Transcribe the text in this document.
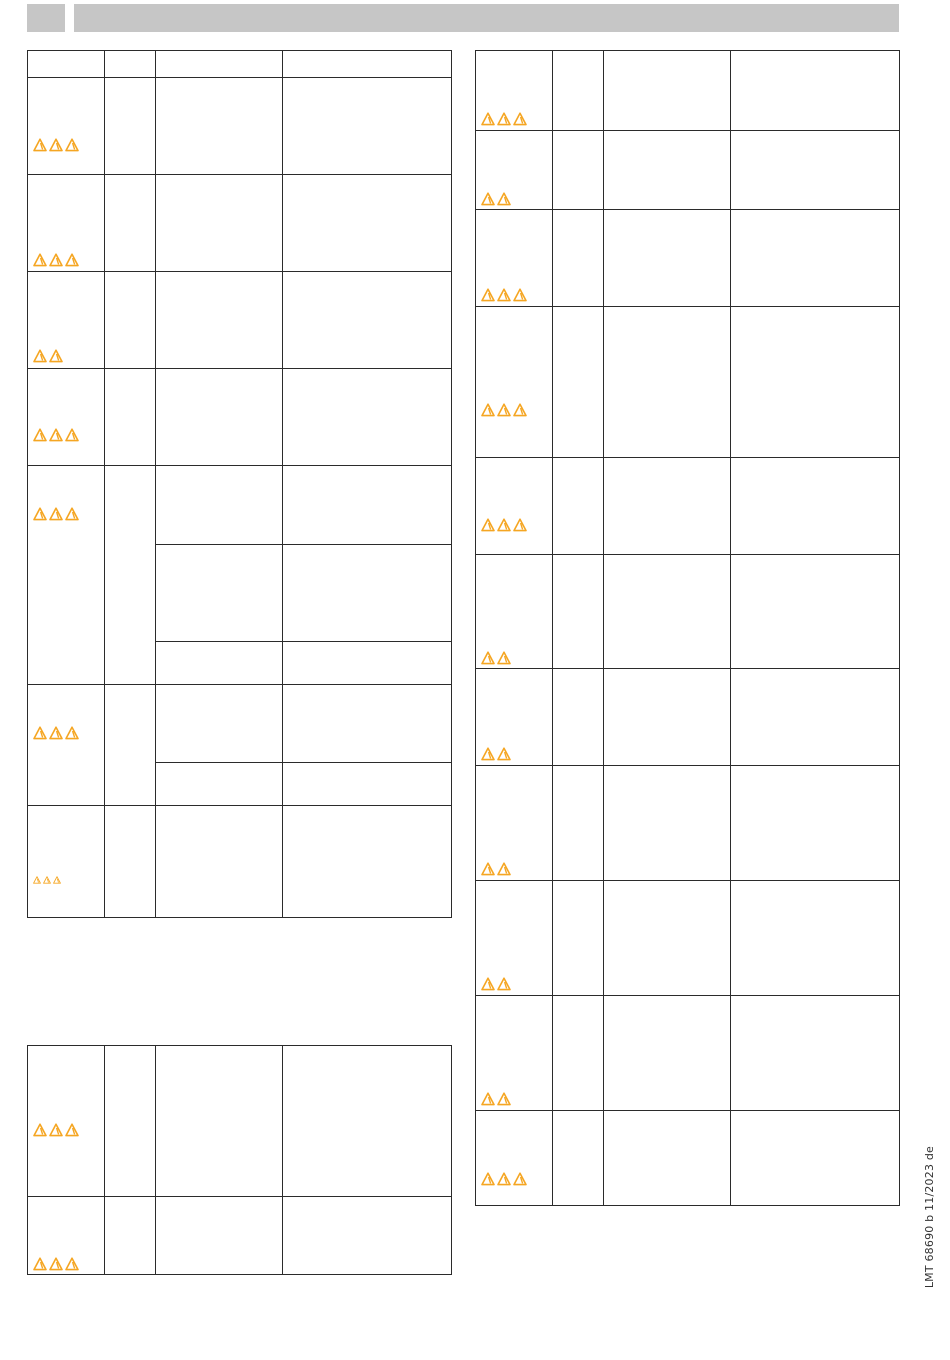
LMT 68690 b 11/2023 de
